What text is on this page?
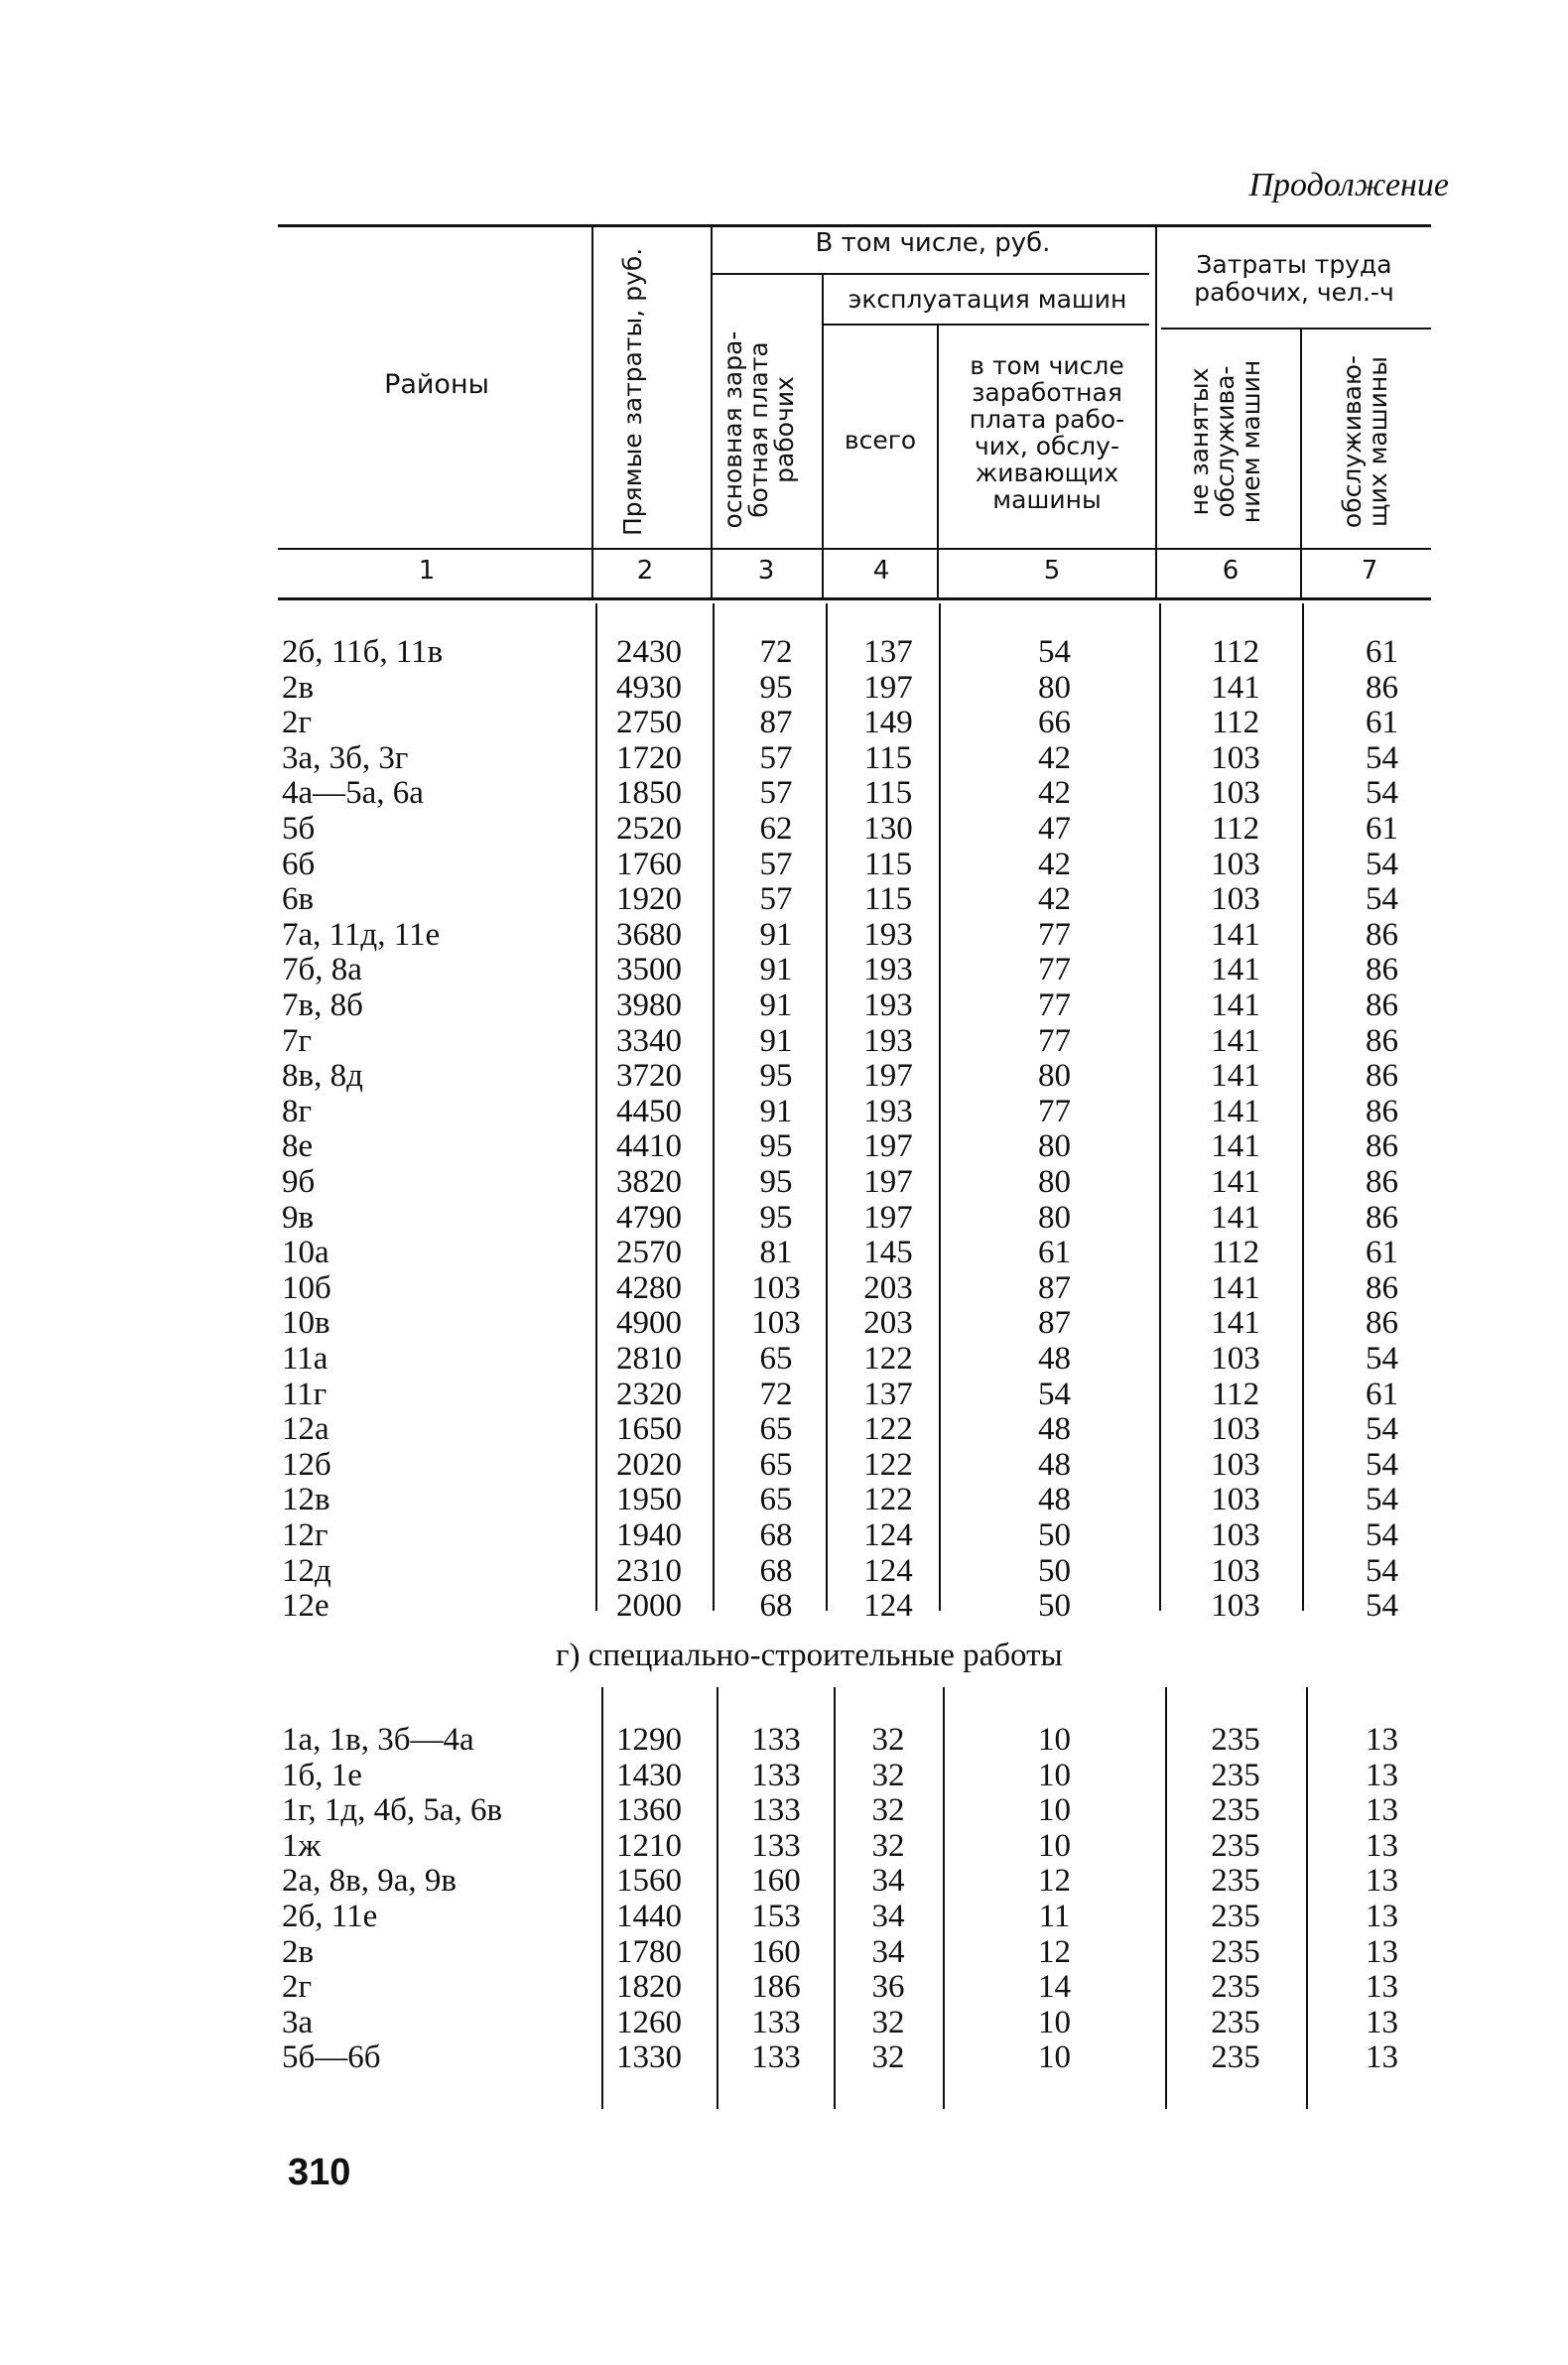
Продолжение
Районы	Прямые затраты, руб.
В том числе, руб.
основная зара- ботная плата рабочих
эксплуатация машин
всего
в том числе
заработная
плата рабо-
чих, обслу-
живающих
машины
Затраты труда
рабочих, чел.-ч
не занятых обслужива- нием машин	обслуживаю- щих машины
1	2	3	4	5	6	7
2б, 11б, 11в	2430	72	137	54	112	61
2в	4930	95	197	80	141	86
2г	2750	87	149	66	112	61
3а, 3б, 3г	1720	57	115	42	103	54
4а—5а, 6а	1850	57	115	42	103	54
5б	2520	62	130	47	112	61
6б	1760	57	115	42	103	54
6в	1920	57	115	42	103	54
7а, 11д, 11е	3680	91	193	77	141	86
7б, 8а	3500	91	193	77	141	86
7в, 8б	3980	91	193	77	141	86
7г	3340	91	193	77	141	86
8в, 8д	3720	95	197	80	141	86
8г	4450	91	193	77	141	86
8е	4410	95	197	80	141	86
9б	3820	95	197	80	141	86
9в	4790	95	197	80	141	86
10а	2570	81	145	61	112	61
10б	4280	103	203	87	141	86
10в	4900	103	203	87	141	86
11а	2810	65	122	48	103	54
11г	2320	72	137	54	112	61
12а	1650	65	122	48	103	54
12б	2020	65	122	48	103	54
12в	1950	65	122	48	103	54
12г	1940	68	124	50	103	54
12д	2310	68	124	50	103	54
12е	2000	68	124	50	103	54
г) специально-строительные работы
1а, 1в, 3б—4а	1290	133	32	10	235	13
1б, 1е	1430	133	32	10	235	13
1г, 1д, 4б, 5а, 6в	1360	133	32	10	235	13
1ж	1210	133	32	10	235	13
2а, 8в, 9а, 9в	1560	160	34	12	235	13
2б, 11е	1440	153	34	11	235	13
2в	1780	160	34	12	235	13
2г	1820	186	36	14	235	13
3а	1260	133	32	10	235	13
5б—6б	1330	133	32	10	235	13
310
